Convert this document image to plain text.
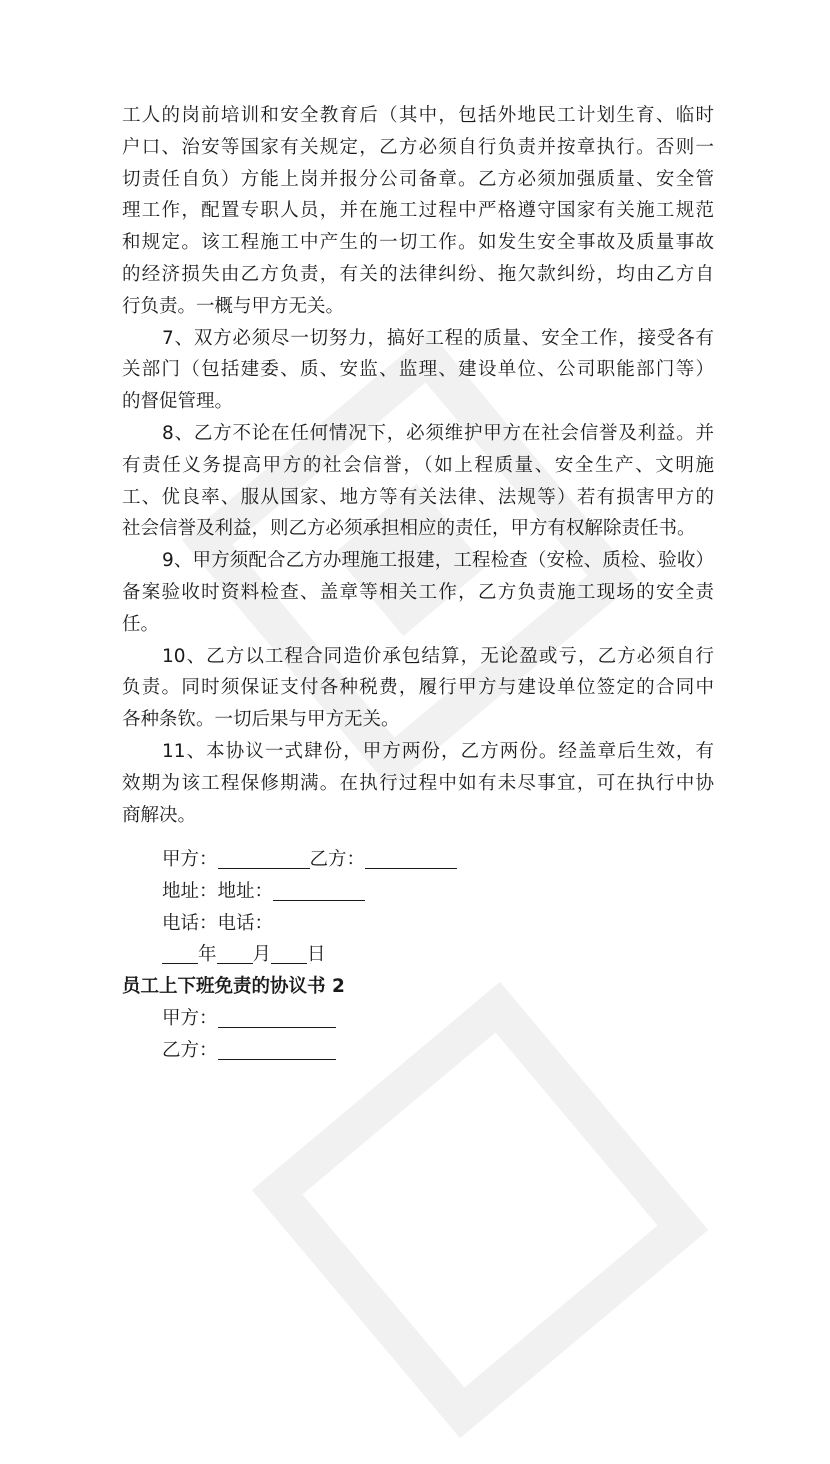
工人的岗前培训和安全教育后（其中，包括外地民工计划生育、临时
户口、治安等国家有关规定，乙方必须自行负责并按章执行。否则一
切责任自负）方能上岗并报分公司备章。乙方必须加强质量、安全管
理工作，配置专职人员，并在施工过程中严格遵守国家有关施工规范
和规定。该工程施工中产生的一切工作。如发生安全事故及质量事故
的经济损失由乙方负责，有关的法律纠纷、拖欠款纠纷，均由乙方自
行负责。一概与甲方无关。
7、双方必须尽一切努力，搞好工程的质量、安全工作，接受各有
关部门（包括建委、质、安监、监理、建设单位、公司职能部门等）
的督促管理。
8、乙方不论在任何情况下，必须维护甲方在社会信誉及利益。并
有责任义务提高甲方的社会信誉，（如上程质量、安全生产、文明施
工、优良率、服从国家、地方等有关法律、法规等）若有损害甲方的
社会信誉及利益，则乙方必须承担相应的责任，甲方有权解除责任书。
9、甲方须配合乙方办理施工报建，工程检查（安检、质检、验收）
备案验收时资料检查、盖章等相关工作，乙方负责施工现场的安全责
任。
10、乙方以工程合同造价承包结算，无论盈或亏，乙方必须自行
负责。同时须保证支付各种税费，履行甲方与建设单位签定的合同中
各种条钦。一切后果与甲方无关。
11、本协议一式肆份，甲方两份，乙方两份。经盖章后生效，有
效期为该工程保修期满。在执行过程中如有未尽事宜，可在执行中协
商解决。
甲方：	乙方：
地址：地址：
电话：电话：
年 月 日
员工上下班免责的协议书 2
甲方：
乙方：
